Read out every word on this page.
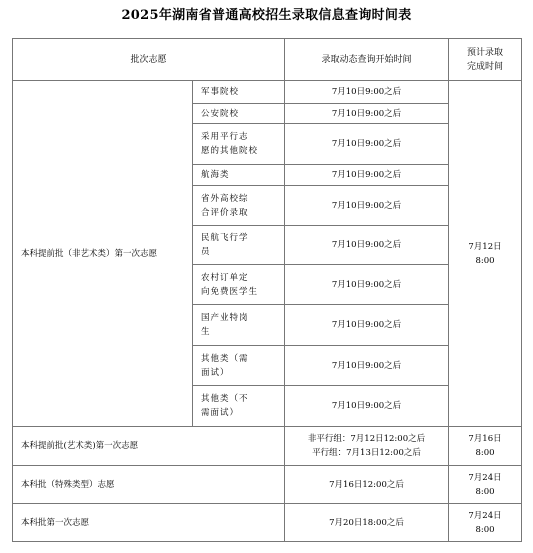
2025年湖南省普通高校招生录取信息查询时间表
批次志愿		录取动态查询开始时间	预计录取
完成时间

本科提前批（非艺术类）第一次志愿	军事院校	7月10日9:00之后	7月12日
8:00

	公安院校	7月10日9:00之后	

	采用平行志
愿的其他院校	7月10日9:00之后	
	航海类	7月10日9:00之后	

	省外高校综
合评价录取	7月10日9:00之后	

	民航飞行学
员	7月10日9:00之后	

	农村订单定
向免费医学生	7月10日9:00之后	

	国产业特岗
生	7月10日9:00之后	

	其他类（需
面试）	7月10日9:00之后	

	其他类（不
需面试）	7月10日9:00之后	
本科提前批(艺术类)第一次志愿		非平行组：7月12日12:00之后
平行组：7月13日12:00之后	7月16日
8:00

本科批（特殊类型）志愿		7月16日12:00之后	7月24日
8:00

本科批第一次志愿		7月20日18:00之后	7月24日
8:00
